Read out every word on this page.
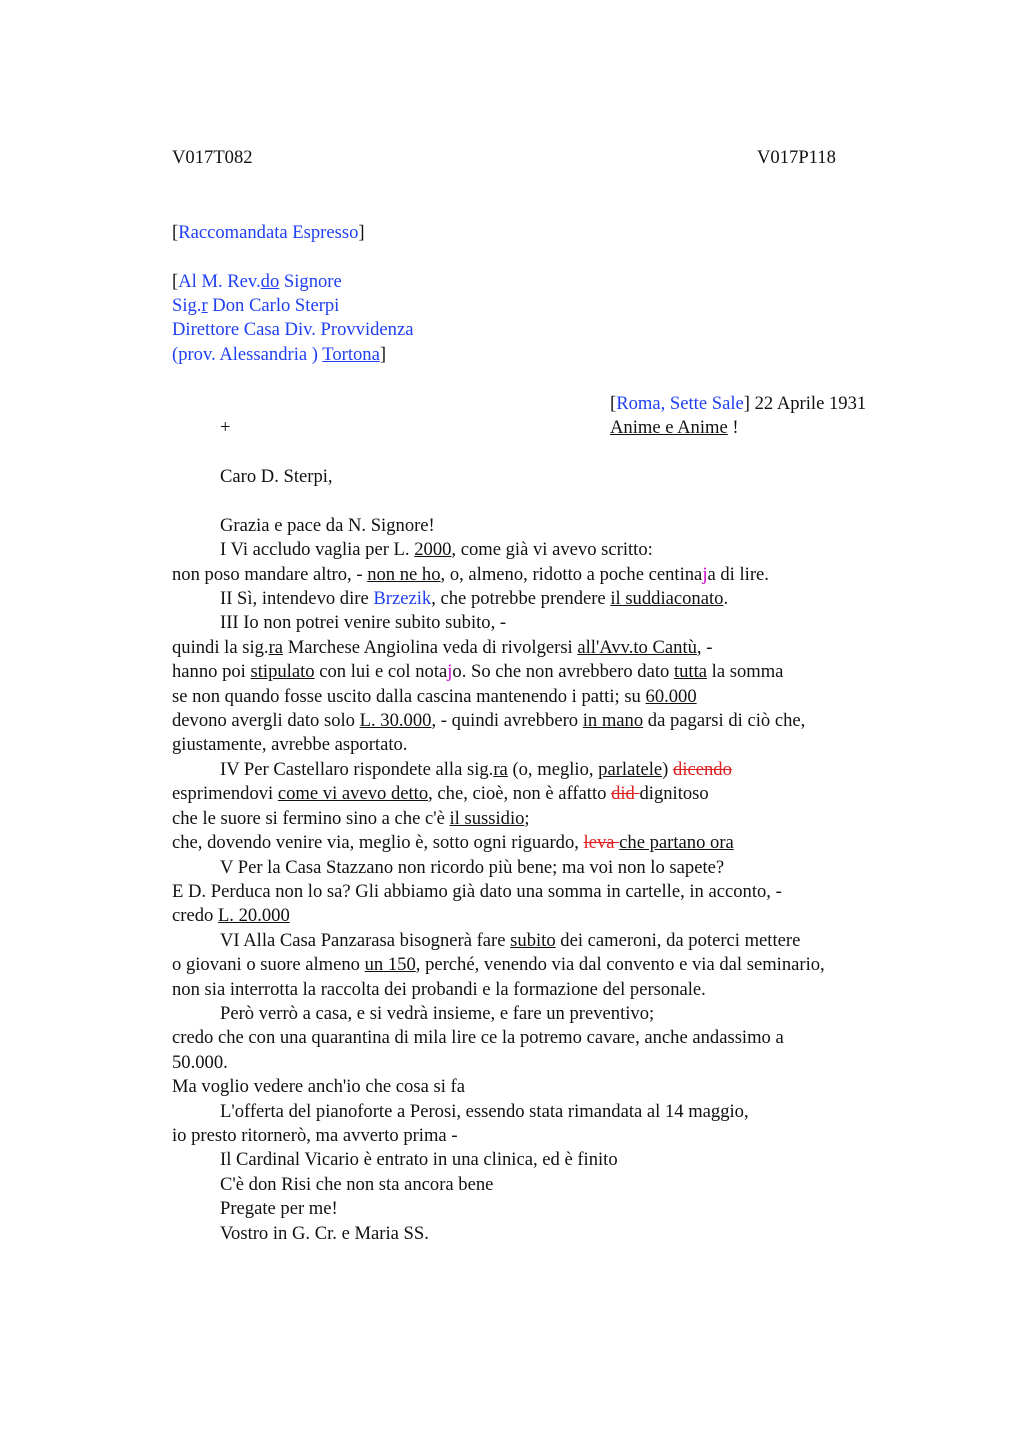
V017T082	V017P118
[Raccomandata Espresso]
[Al M. Rev.do Signore
Sig.r Don Carlo Sterpi
Direttore Casa Div. Provvidenza
(prov. Alessandria ) Tortona]
[Roma, Sette Sale] 22 Aprile 1931
+	Anime e Anime !
Caro D. Sterpi,
Grazia e pace da N. Signore!
I Vi accludo vaglia per L. 2000, come già vi avevo scritto:
non poso mandare altro, - non ne ho, o, almeno, ridotto a poche centinaja di lire.
II Sì, intendevo dire Brzezik, che potrebbe prendere il suddiaconato.
III Io non potrei venire subito subito, -
quindi la sig.ra Marchese Angiolina veda di rivolgersi all'Avv.to Cantù, -
hanno poi stipulato con lui e col notajo. So che non avrebbero dato tutta la somma
se non quando fosse uscito dalla cascina mantenendo i patti; su 60.000
devono avergli dato solo L. 30.000, - quindi avrebbero in mano da pagarsi di ciò che,
giustamente, avrebbe asportato.
IV Per Castellaro rispondete alla sig.ra (o, meglio, parlatele) dicendo
esprimendovi come vi avevo detto, che, cioè, non è affatto did dignitoso
che le suore si fermino sino a che c'è il sussidio;
che, dovendo venire via, meglio è, sotto ogni riguardo, leva che partano ora
V Per la Casa Stazzano non ricordo più bene; ma voi non lo sapete?
E D. Perduca non lo sa? Gli abbiamo già dato una somma in cartelle, in acconto, -
credo L. 20.000
VI Alla Casa Panzarasa bisognerà fare subito dei cameroni, da poterci mettere
o giovani o suore almeno un 150, perché, venendo via dal convento e via dal seminario,
non sia interrotta la raccolta dei probandi e la formazione del personale.
Però verrò a casa, e si vedrà insieme, e fare un preventivo;
credo che con una quarantina di mila lire ce la potremo cavare, anche andassimo a
50.000.
Ma voglio vedere anch'io che cosa si fa
L'offerta del pianoforte a Perosi, essendo stata rimandata al 14 maggio,
io presto ritornerò, ma avverto prima -
Il Cardinal Vicario è entrato in una clinica, ed è finito
C'è don Risi che non sta ancora bene
Pregate per me!
Vostro in G. Cr. e Maria SS.
